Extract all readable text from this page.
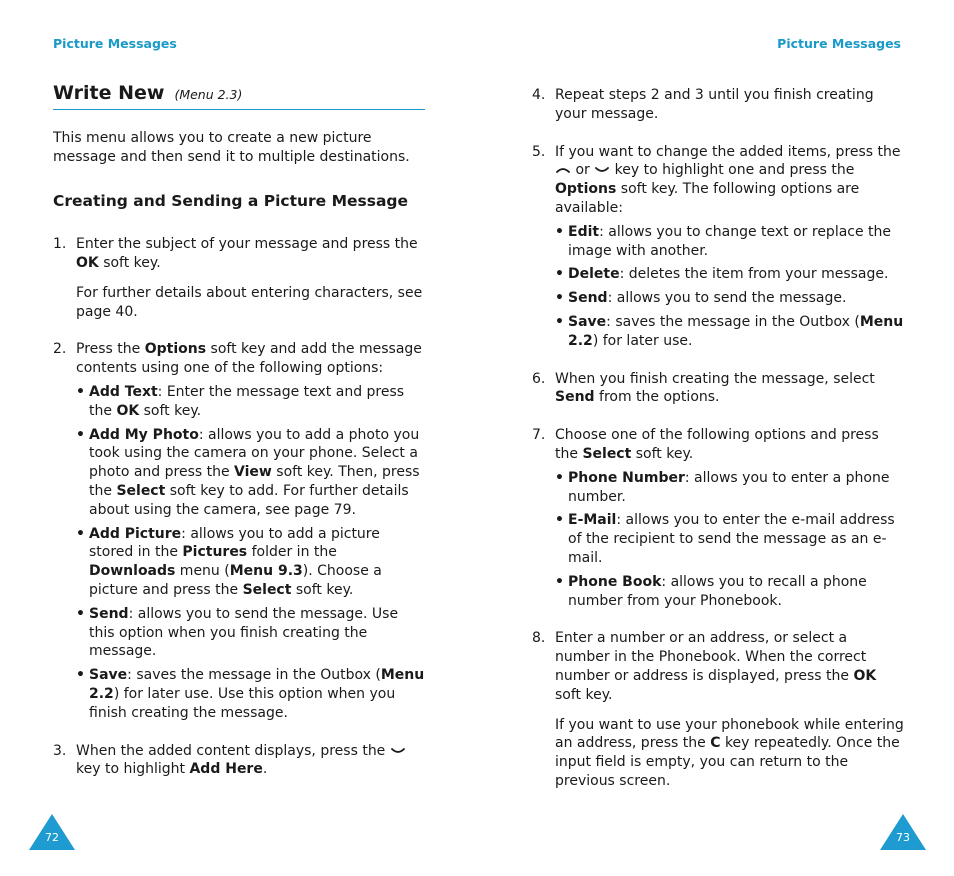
Picture Messages	Picture Messages
Write New (Menu 2.3)

This menu allows you to create a new picture message and then send it to multiple destinations.

Creating and Sending a Picture Message
1. Enter the subject of your message and press the OK soft key.

For further details about entering characters, see page 40.

2. Press the Options soft key and add the message contents using one of the following options:
• Add Text: Enter the message text and press the OK soft key.
• Add My Photo: allows you to add a photo you took using the camera on your phone. Select a photo and press the View soft key. Then, press the Select soft key to add. For further details about using the camera, see page 79.
• Add Picture: allows you to add a picture stored in the Pictures folder in the Downloads menu (Menu 9.3). Choose a picture and press the Select soft key.
• Send: allows you to send the message. Use this option when you finish creating the message.
• Save: saves the message in the Outbox (Menu 2.2) for later use. Use this option when you finish creating the message.
3. When the added content displays, press the
key to highlight Add Here.
4. Repeat steps 2 and 3 until you finish creating your message.
5. If you want to change the added items, press the
or
key to highlight one and press the Options soft key. The following options are available:
• Edit: allows you to change text or replace the image with another.
• Delete: deletes the item from your message.
• Send: allows you to send the message.
• Save: saves the message in the Outbox (Menu 2.2) for later use.
6. When you finish creating the message, select Send from the options.
7. Choose one of the following options and press the Select soft key.
• Phone Number: allows you to enter a phone number.
• E-Mail: allows you to enter the e-mail address of the recipient to send the message as an e-mail.
• Phone Book: allows you to recall a phone number from your Phonebook.
8. Enter a number or an address, or select a number in the Phonebook. When the correct number or address is displayed, press the OK soft key.

If you want to use your phonebook while entering an address, press the C key repeatedly. Once the input field is empty, you can return to the previous screen.

72	73
